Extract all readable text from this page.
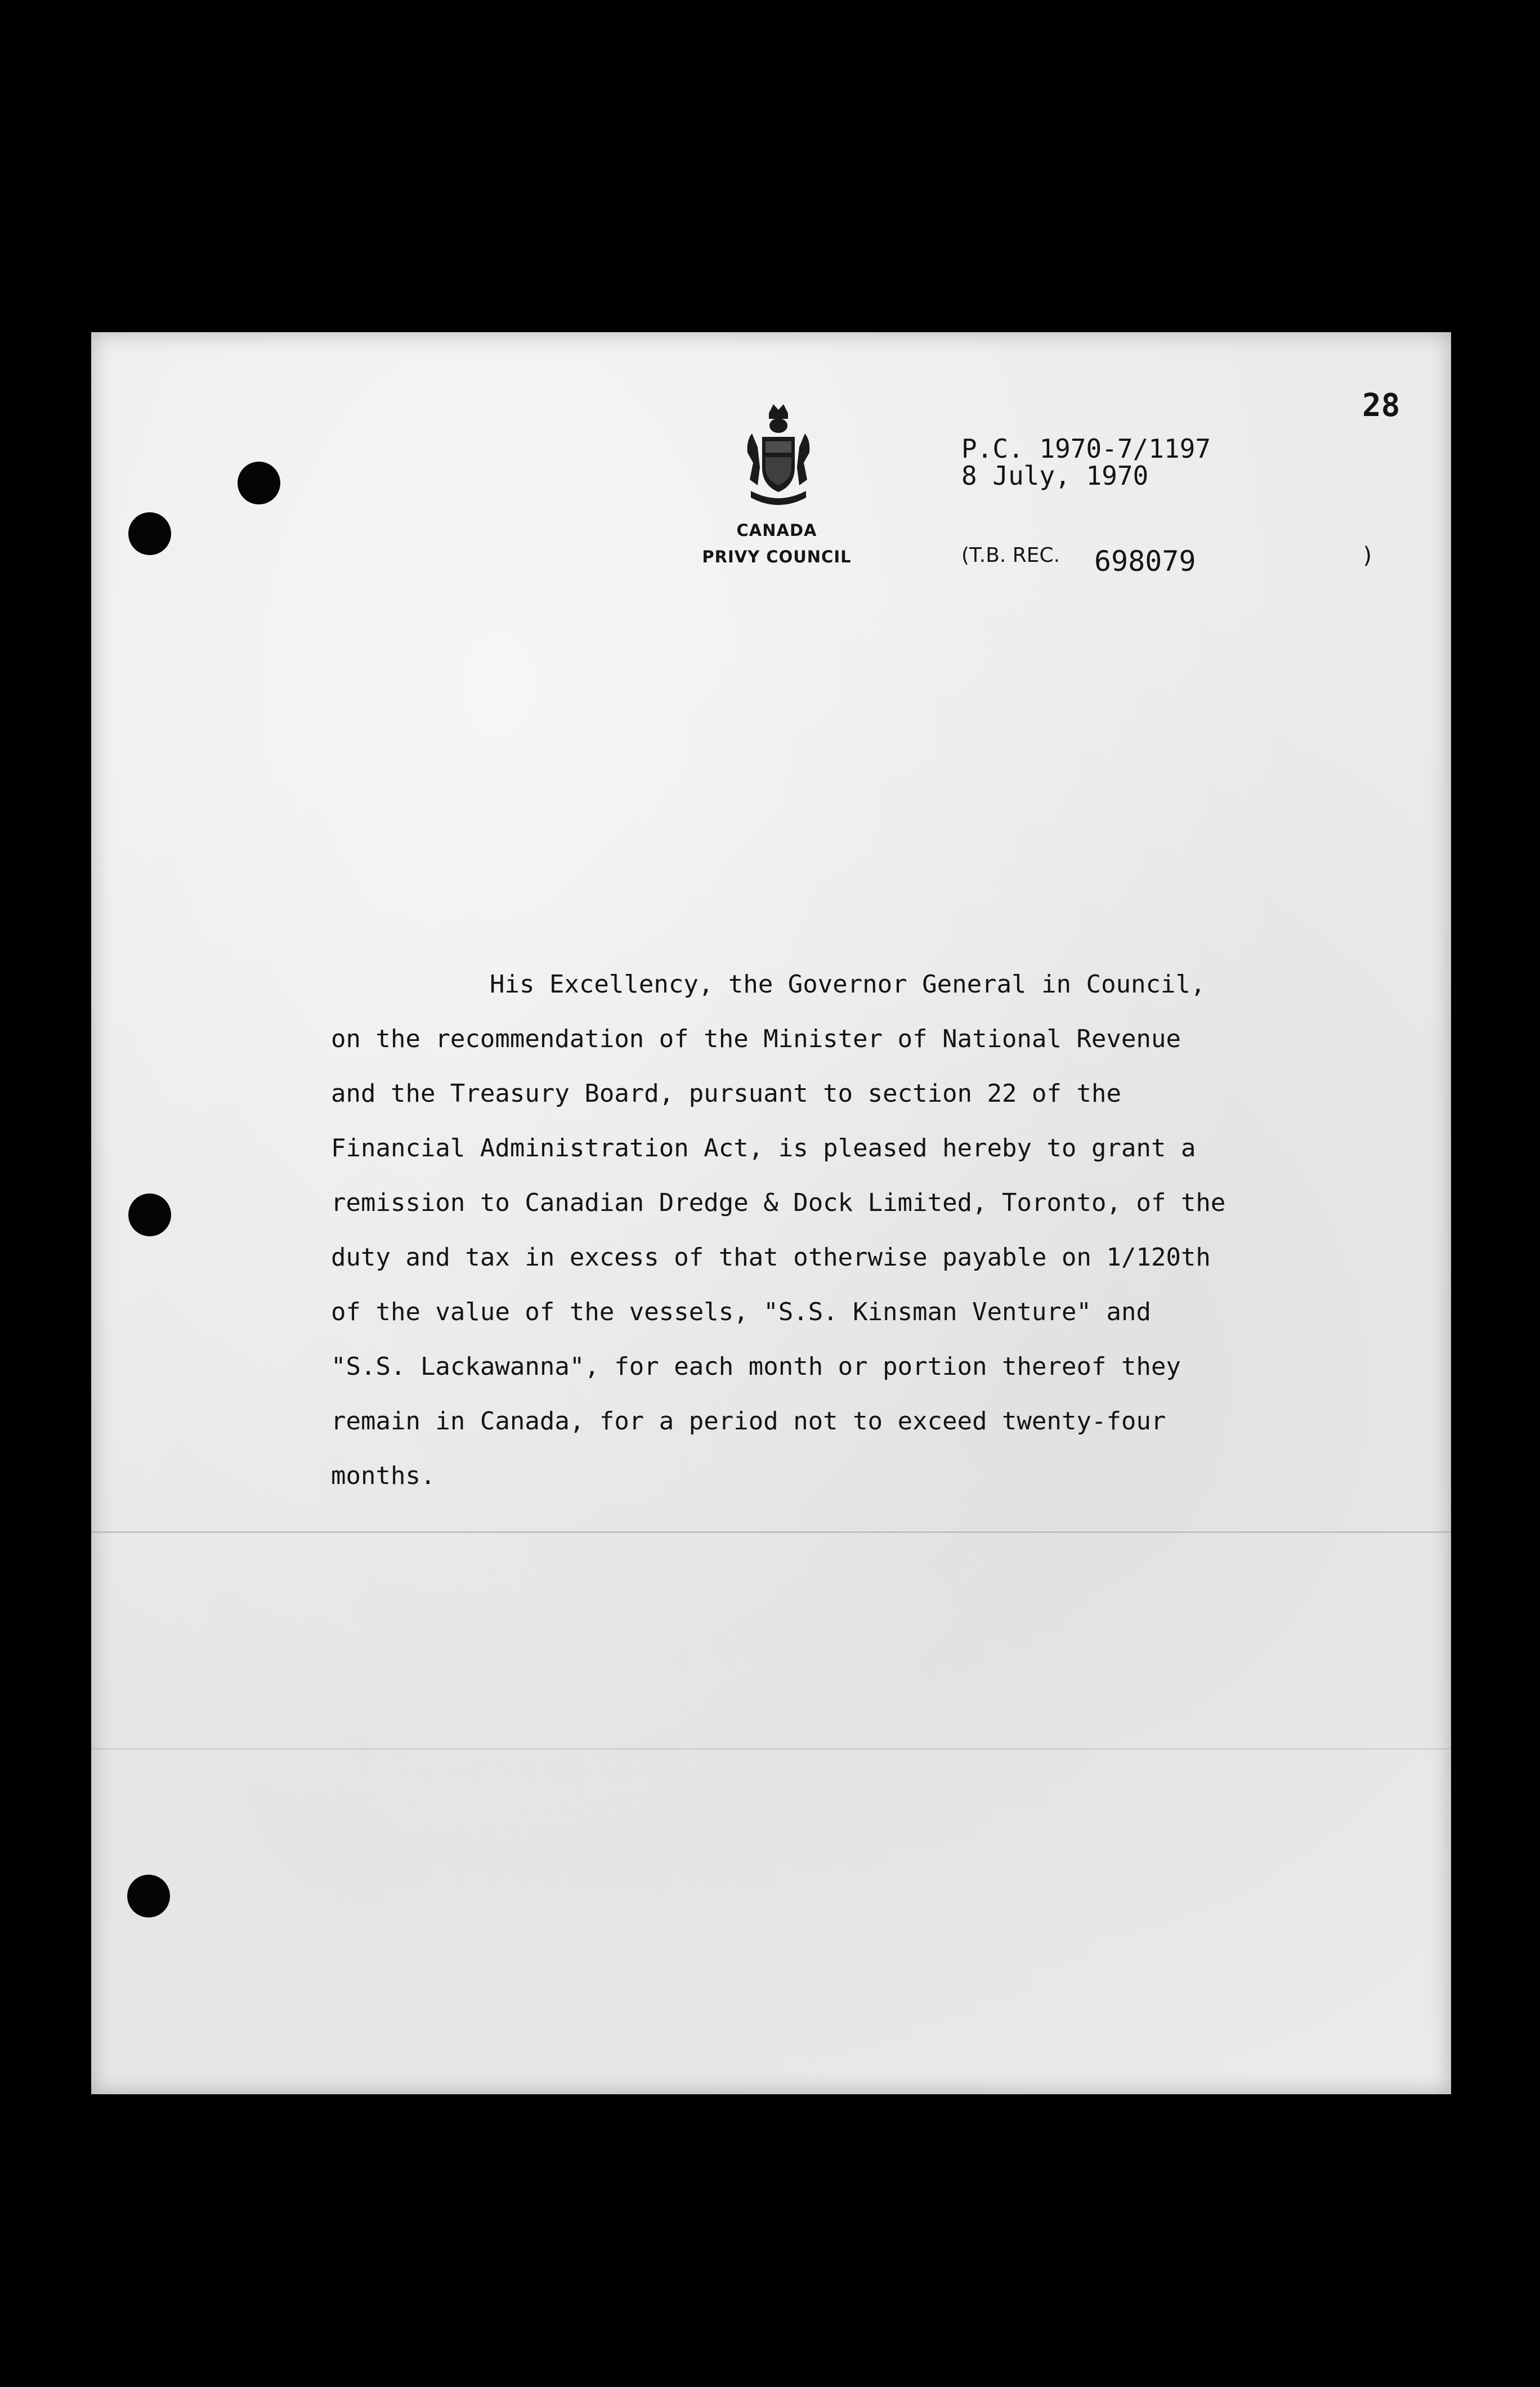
CANADA
PRIVY COUNCIL
P.C. 1970-7/1197
8 July, 1970
(T.B. REC. 698079	)
28
His Excellency, the Governor General in Council,
on the recommendation of the Minister of National Revenue
and the Treasury Board, pursuant to section 22 of the
Financial Administration Act, is pleased hereby to grant a
remission to Canadian Dredge & Dock Limited, Toronto, of the
duty and tax in excess of that otherwise payable on 1/120th
of the value of the vessels, "S.S. Kinsman Venture" and
"S.S. Lackawanna", for each month or portion thereof they
remain in Canada, for a period not to exceed twenty-four
months.
